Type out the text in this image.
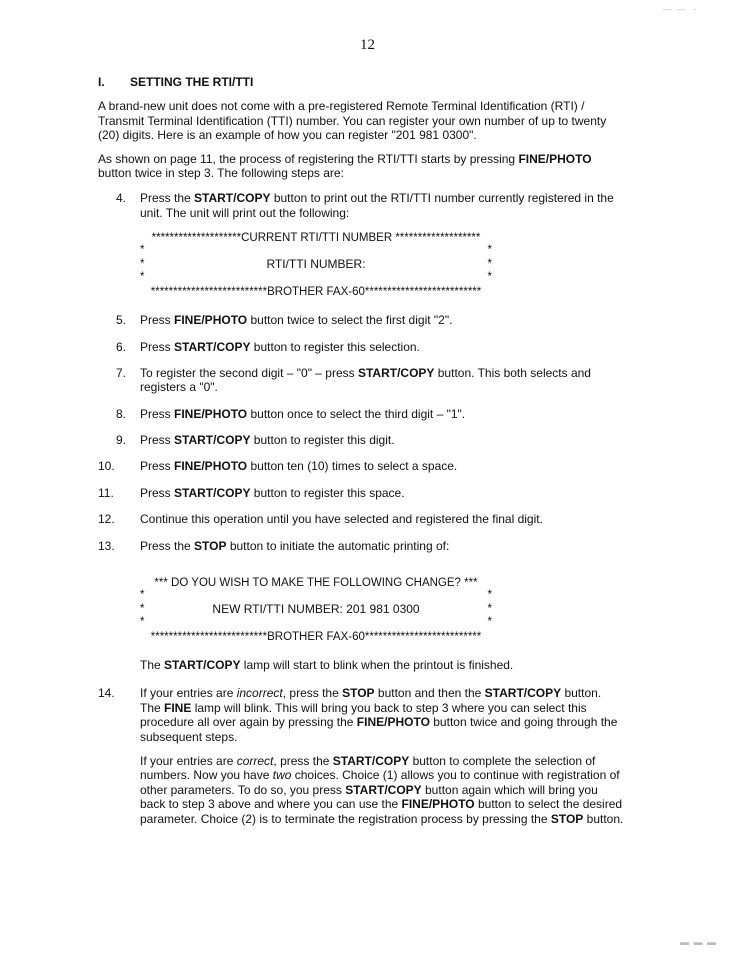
12
— —
I.	SETTING THE RTI/TTI

A brand-new unit does not come with a pre-registered Remote Terminal Identification (RTI) / Transmit Terminal Identification (TTI) number. You can register your own number of up to twenty (20) digits. Here is an example of how you can register "201 981 0300".

As shown on page 11, the process of registering the RTI/TTI starts by pressing FINE/PHOTO button twice in step 3. The following steps are:

4.	Press the START/COPY button to print out the RTI/TTI number currently registered in the unit. The unit will print out the following:
********************CURRENT RTI/TTI NUMBER *******************
*	*
*	RTI/TTI NUMBER:	*
*	*
**************************BROTHER FAX-60**************************
5.	Press FINE/PHOTO button twice to select the first digit "2".
6.	Press START/COPY button to register this selection.
7.	To register the second digit – "0" – press START/COPY button. This both selects and registers a "0".
8.	Press FINE/PHOTO button once to select the third digit – "1".
9.	Press START/COPY button to register this digit.
10.	Press FINE/PHOTO button ten (10) times to select a space.
11.	Press START/COPY button to register this space.
12.	Continue this operation until you have selected and registered the final digit.
13.	Press the STOP button to initiate the automatic printing of:
*** DO YOU WISH TO MAKE THE FOLLOWING CHANGE? ***
*	*
*	NEW RTI/TTI NUMBER: 201 981 0300	*
*	*
**************************BROTHER FAX-60**************************
The START/COPY lamp will start to blink when the printout is finished.
14.	If your entries are incorrect, press the STOP button and then the START/COPY button. The FINE lamp will blink. This will bring you back to step 3 where you can select this procedure all over again by pressing the FINE/PHOTO button twice and going through the subsequent steps.
If your entries are correct, press the START/COPY button to complete the selection of numbers. Now you have two choices. Choice (1) allows you to continue with registration of other parameters. To do so, you press START/COPY button again which will bring you back to step 3 above and where you can use the FINE/PHOTO button to select the desired parameter. Choice (2) is to terminate the registration process by pressing the STOP button.
▬ ▬ ▬
